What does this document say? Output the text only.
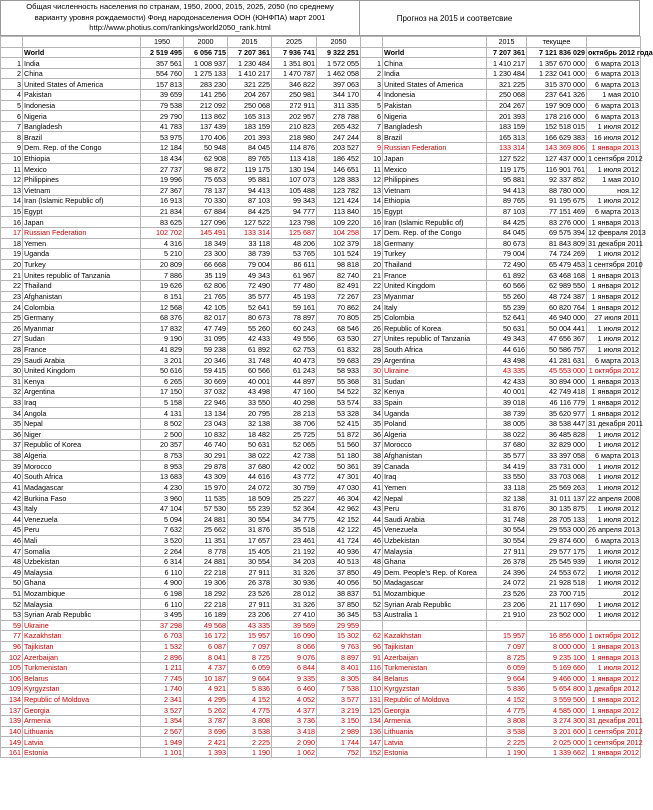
Общая численность населения по странам, 1950, 2000, 2015, 2025, 2050 (по среднему
варианту уровня рождаемости) Фонд народонаселения ООН (ЮНФПА) март 2001
http://www.photius.com/rankings/world2050_rank.html
Прогноз на 2015 и соответсвие
		1950	2000	2015	2025	2050
	World	2 519 495	6 056 715	7 207 361	7 936 741	9 322 251
1	India	357 561	1 008 937	1 230 484	1 351 801	1 572 055
2	China	554 760	1 275 133	1 410 217	1 470 787	1 462 058
3	United States of America	157 813	283 230	321 225	346 822	397 063
4	Pakistan	39 659	141 256	204 267	250 981	344 170
5	Indonesia	79 538	212 092	250 068	272 911	311 335
6	Nigeria	29 790	113 862	165 313	202 957	278 788
7	Bangladesh	41 783	137 439	183 159	210 823	265 432
8	Brazil	53 975	170 406	201 393	218 980	247 244
9	Dem. Rep. of the Congo	12 184	50 948	84 045	114 876	203 527
10	Ethiopia	18 434	62 908	89 765	113 418	186 452
11	Mexico	27 737	98 872	119 175	130 194	146 651
12	Philippines	19 996	75 653	95 881	107 073	128 383
13	Vietnam	27 367	78 137	94 413	105 488	123 782
14	Iran (Islamic Republic of)	16 913	70 330	87 103	99 343	121 424
15	Egypt	21 834	67 884	84 425	94 777	113 840
16	Japan	83 625	127 096	127 522	123 798	109 220
17	Russian Federation	102 702	145 491	133 314	125 687	104 258
18	Yemen	4 316	18 349	33 118	48 206	102 379
19	Uganda	5 210	23 300	38 739	53 765	101 524
20	Turkey	20 809	66 668	79 004	86 611	98 818
21	Unites republic of Tanzania	7 886	35 119	49 343	61 967	82 740
22	Thailand	19 626	62 806	72 490	77 480	82 491
23	Afghanistan	8 151	21 765	35 577	45 193	72 267
24	Colombia	12 568	42 105	52 641	59 161	70 862
25	Germany	68 376	82 017	80 673	78 897	70 805
26	Myanmar	17 832	47 749	55 260	60 243	68 546
27	Sudan	9 190	31 095	42 433	49 556	63 530
28	France	41 829	59 238	61 892	62 753	61 832
29	Saudi Arabia	3 201	20 346	31 748	40 473	59 683
30	United Kingdom	50 616	59 415	60 566	61 243	58 933
31	Kenya	6 265	30 669	40 001	44 897	55 368
32	Argentina	17 150	37 032	43 498	47 160	54 522
33	Iraq	5 158	22 946	33 550	40 298	53 574
34	Angola	4 131	13 134	20 795	28 213	53 328
35	Nepal	8 502	23 043	32 138	38 706	52 415
36	Niger	2 500	10 832	18 482	25 725	51 872
37	Republic of Korea	20 357	46 740	50 631	52 065	51 560
38	Algeria	8 753	30 291	38 022	42 738	51 180
39	Morocco	8 953	29 878	37 680	42 002	50 361
40	South Africa	13 683	43 309	44 616	43 772	47 301
41	Madagascar	4 230	15 970	24 072	30 759	47 030
42	Burkina Faso	3 960	11 535	18 509	25 227	46 304
43	Italy	47 104	57 530	55 239	52 364	42 962
44	Venezuela	5 094	24 881	30 554	34 775	42 152
45	Peru	7 632	25 662	31 876	35 518	42 122
46	Mali	3 520	11 351	17 657	23 461	41 724
47	Somalia	2 264	8 778	15 405	21 192	40 936
48	Uzbekistan	6 314	24 881	30 554	34 203	40 513
49	Malaysia	6 110	22 218	27 911	31 326	37 850
50	Ghana	4 900	19 306	26 378	30 936	40 056
51	Mozambique	6 198	18 292	23 526	28 012	38 837
52	Malaysia	6 110	22 218	27 911	31 326	37 850
53	Syrian Arab Republic	3 495	16 189	23 206	27 410	36 345
59	Ukraine	37 298	49 568	43 335	39 569	29 959
77	Kazakhstan	6 703	16 172	15 957	16 090	15 302
96	Tajikistan	1 532	6 087	7 097	8 066	9 763
102	Azerbaijan	2 896	8 041	8 725	9 076	8 897
105	Turkmenistan	1 211	4 737	6 059	6 844	8 401
106	Belarus	7 745	10 187	9 664	9 335	8 305
109	Kyrgyzstan	1 740	4 921	5 836	6 460	7 538
134	Republic of Moldova	2 341	4 295	4 152	4 052	3 577
137	Georgia	3 527	5 262	4 775	4 377	3 219
139	Armenia	1 354	3 787	3 808	3 736	3 150
140	Lithuania	2 567	3 696	3 538	3 418	2 989
149	Latvia	1 949	2 421	2 225	2 090	1 744
161	Estonia	1 101	1 393	1 190	1 062	752
		2015	текущее	
	World	7 207 361	7 121 836 029	октябрь 2012 года
1	China	1 410 217	1 357 670 000	6 марта 2013
2	India	1 230 484	1 232 041 000	6 марта 2013
3	United States of America	321 225	315 370 000	6 марта 2013
4	Indonesia	250 068	237 641 326	1 мая 2010
5	Pakistan	204 267	197 909 000	6 марта 2013
6	Nigeria	201 393	178 216 000	6 марта 2013
7	Bangladesh	183 159	152 518 015	1 июля 2012
8	Brazil	165 313	166 629 383	16 июля 2012
9	Russian Federation	133 314	143 369 806	1 января 2013
10	Japan	127 522	127 437 000	1 сентября 2012
11	Mexico	119 175	116 901 761	1 июля 2012
12	Philippines	95 881	92 337 852	1 мая 2010
13	Vietnam	94 413	88 780 000	ноя.12
14	Ethiopia	89 765	91 195 675	1 июля 2012
15	Egypt	87 103	77 151 469	6 марта 2013
16	Iran (Islamic Republic of)	84 425	83 276 000	1 января 2013
17	Dem. Rep. of the Congo	84 045	69 575 394	12 февраля 2013
18	Germany	80 673	81 843 809	31 декабря 2011
19	Turkey	79 004	74 724 269	1 июля 2012
20	Thailand	72 490	65 479 453	1 сентября 2010
21	France	61 892	63 468 168	1 января 2013
22	United Kingdom	60 566	62 989 550	1 января 2012
23	Myanmar	55 260	48 724 387	1 января 2012
24	Italy	55 239	60 820 764	1 января 2012
25	Colombia	52 641	46 940 000	27 июля 2011
26	Republic of Korea	50 631	50 004 441	1 июля 2012
27	Unites republic of Tanzania	49 343	47 656 367	1 июля 2012
28	South Africa	44 616	50 586 757	1 июля 2012
29	Argentina	43 498	41 281 631	6 марта 2013
30	Ukraine	43 335	45 553 000	1 октября 2012
31	Sudan	42 433	30 894 000	1 января 2013
32	Kenya	40 001	42 749 418	1 января 2012
33	Spain	39 018	46 116 779	1 января 2012
34	Uganda	38 739	35 620 977	1 января 2012
35	Poland	38 005	38 538 447	31 декабря 2011
36	Algeria	38 022	36 485 828	1 июля 2012
37	Morocco	37 680	32 829 000	1 июля 2012
38	Afghanistan	35 577	33 397 058	6 марта 2013
39	Canada	34 419	33 731 000	1 июля 2012
40	Iraq	33 550	33 703 068	1 июля 2012
41	Yemen	33 118	25 569 263	1 июля 2012
42	Nepal	32 138	31 011 137	22 апреля 2008
43	Peru	31 876	30 135 875	1 июля 2012
44	Saudi Arabia	31 748	28 705 133	1 июля 2012
45	Venezuela	30 554	29 553 000	26 апреля 2013
46	Uzbekistan	30 554	29 874 600	6 марта 2013
47	Malaysia	27 911	29 577 175	1 июля 2012
48	Ghana	26 378	25 545 939	1 июля 2012
49	Dem. People's Rep. of Korea	24 396	24 553 672	1 июля 2012
50	Madagascar	24 072	21 928 518	1 июля 2012
51	Mozambique	23 526	23 700 715	2012
52	Syrian Arab Republic	23 206	21 117 690	1 июля 2012
53	Australia 1	21 910	23 502 000	1 июля 2012

62	Kazakhstan	15 957	16 856 000	1 октября 2012
96	Tajikistan	7 097	8 000 000	1 января 2013
91	Azerbaijan	8 725	9 235 100	1 января 2013
116	Turkmenistan	6 059	5 169 660	1 июля 2012
84	Belarus	9 664	9 466 000	1 января 2012
110	Kyrgyzstan	5 836	5 654 800	1 декабря 2012
131	Republic of Moldova	4 152	3 559 500	1 января 2012
125	Georgia	4 775	4 585 000	1 января 2012
134	Armenia	3 808	3 274 300	31 декабря 2011
136	Lithuania	3 538	3 201 600	1 сентября 2012
147	Latvia	2 225	2 025 000	1 сентября 2012
152	Estonia	1 190	1 339 662	1 января 2012
